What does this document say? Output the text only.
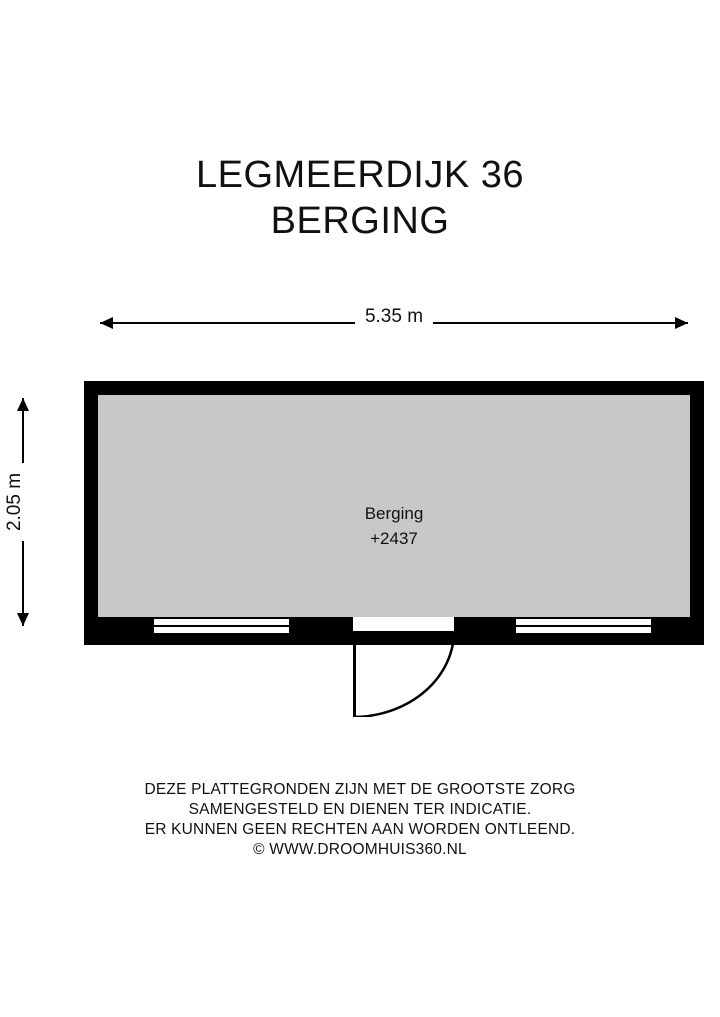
LEGMEERDIJK 36
BERGING
5.35 m
2.05 m	Berging
+2437
DEZE PLATTEGRONDEN ZIJN MET DE GROOTSTE ZORG
SAMENGESTELD EN DIENEN TER INDICATIE.
ER KUNNEN GEEN RECHTEN AAN WORDEN ONTLEEND.
© WWW.DROOMHUIS360.NL
